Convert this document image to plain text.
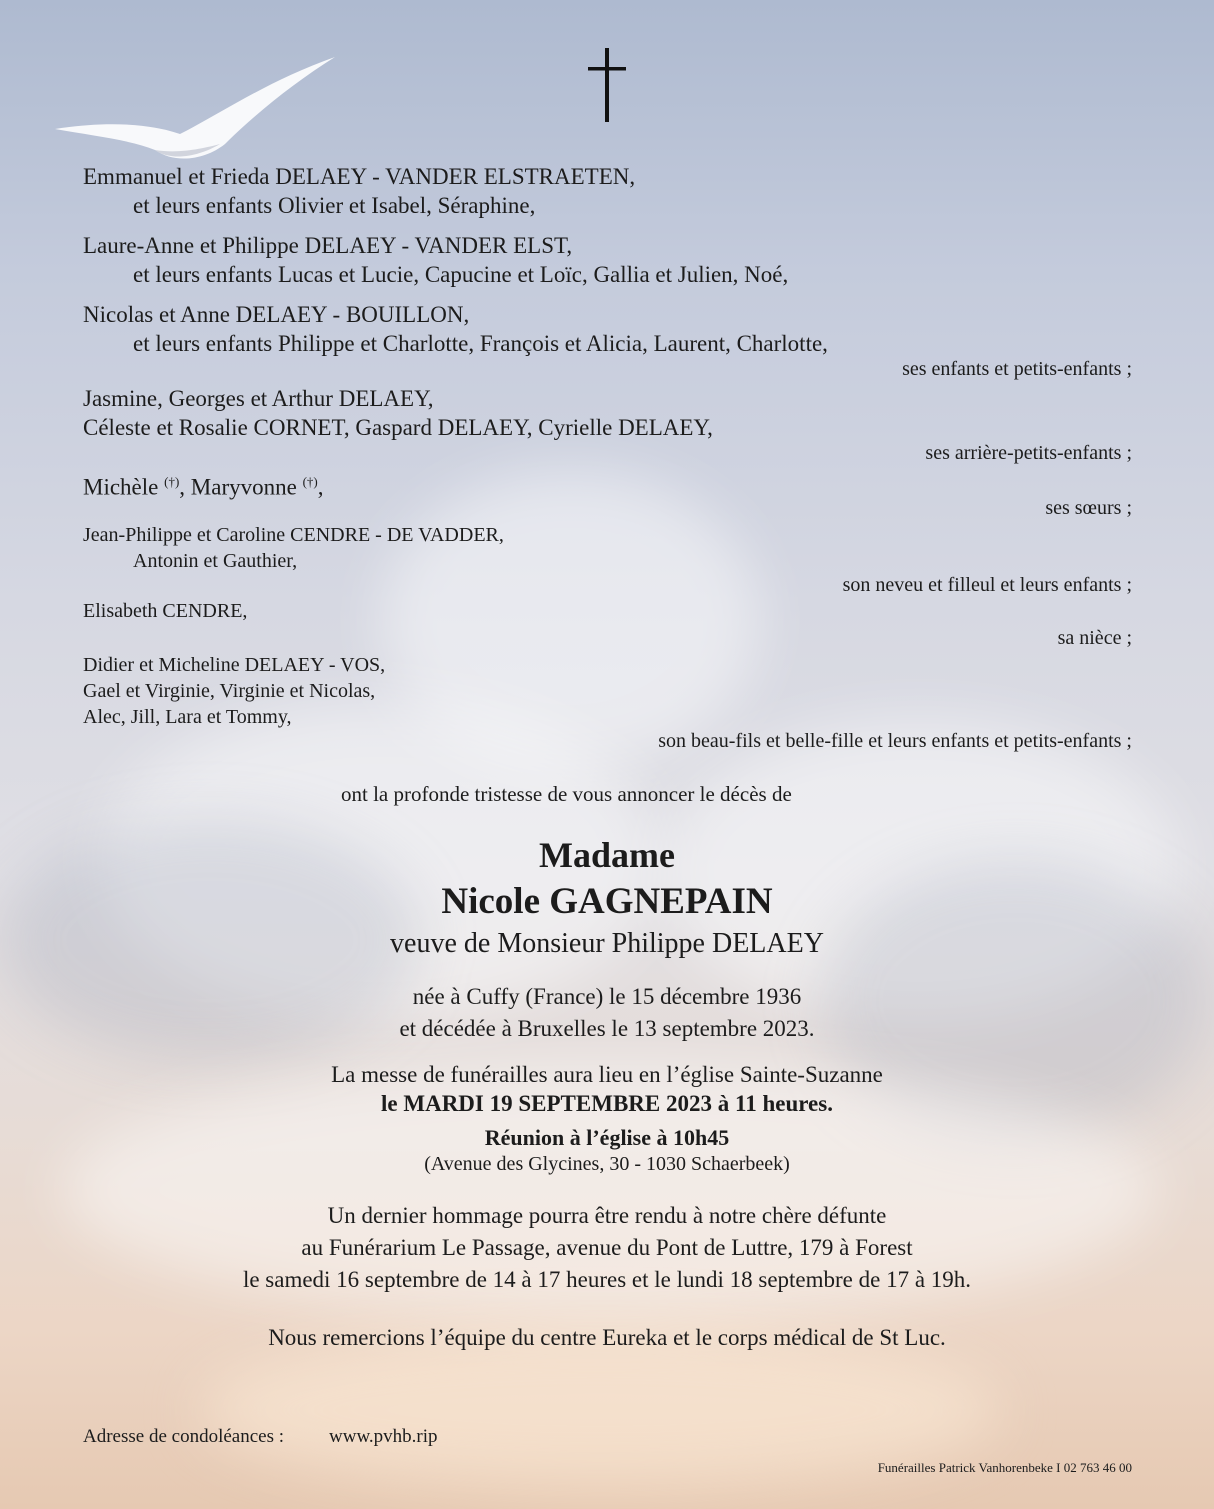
Emmanuel et Frieda DELAEY - VANDER ELSTRAETEN,
et leurs enfants Olivier et Isabel, Séraphine,
Laure-Anne et Philippe DELAEY - VANDER ELST,
et leurs enfants Lucas et Lucie, Capucine et Loïc, Gallia et Julien, Noé,
Nicolas et Anne DELAEY - BOUILLON,
et leurs enfants Philippe et Charlotte, François et Alicia, Laurent, Charlotte,
ses enfants et petits-enfants ;
Jasmine, Georges et Arthur DELAEY,
Céleste et Rosalie CORNET, Gaspard DELAEY, Cyrielle DELAEY,
ses arrière-petits-enfants ;
Michèle (†), Maryvonne (†),
ses sœurs ;
Jean-Philippe et Caroline CENDRE - DE VADDER,
Antonin et Gauthier,
son neveu et filleul et leurs enfants ;
Elisabeth CENDRE,
sa nièce ;
Didier et Micheline DELAEY - VOS,
Gael et Virginie, Virginie et Nicolas,
Alec, Jill, Lara et Tommy,
son beau-fils et belle-fille et leurs enfants et petits-enfants ;
ont la profonde tristesse de vous annoncer le décès de
Madame
Nicole GAGNEPAIN
veuve de Monsieur Philippe DELAEY
née à Cuffy (France) le 15 décembre 1936
et décédée à Bruxelles le 13 septembre 2023.
La messe de funérailles aura lieu en l’église Sainte-Suzanne
le MARDI 19 SEPTEMBRE 2023 à 11 heures.
Réunion à l’église à 10h45
(Avenue des Glycines, 30 - 1030 Schaerbeek)
Un dernier hommage pourra être rendu à notre chère défunte
au Funérarium Le Passage, avenue du Pont de Luttre, 179 à Forest
le samedi 16 septembre de 14 à 17 heures et le lundi 18 septembre de 17 à 19h.
Nous remercions l’équipe du centre Eureka et le corps médical de St Luc.
Adresse de condoléances : www.pvhb.rip
Funérailles Patrick Vanhorenbeke I 02 763 46 00
